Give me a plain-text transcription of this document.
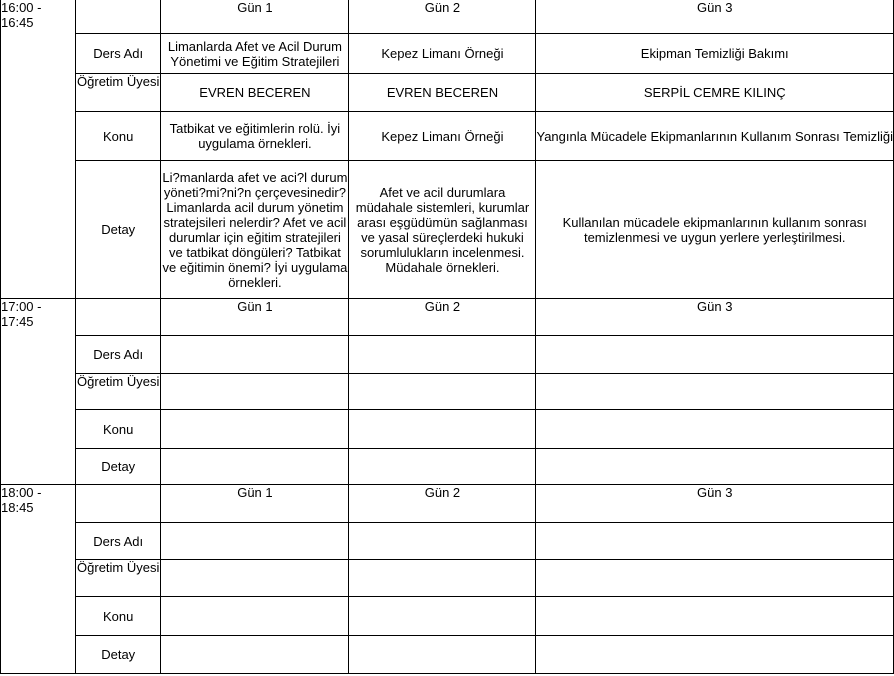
16:00 - 16:45		Gün 1	Gün 2	Gün 3
	Ders Adı	Limanlarda Afet ve Acil Durum Yönetimi ve Eğitim Stratejileri	Kepez Limanı Örneği	Ekipman Temizliği Bakımı
	Öğretim Üyesi	EVREN BECEREN	EVREN BECEREN	SERPİL CEMRE KILINÇ
	Konu	Tatbikat ve eğitimlerin rolü. İyi uygulama örnekleri.	Kepez Limanı Örneği	Yangınla Mücadele Ekipmanlarının Kullanım Sonrası Temizliği
	Detay	Li?manlarda afet ve aci?l durum yöneti?mi?ni?n çerçevesinedir? Limanlarda acil durum yönetim stratejsileri nelerdir? Afet ve acil durumlar için eğitim stratejileri ve tatbikat döngüleri? Tatbikat ve eğitimin önemi? İyi uygulama örnekleri.	Afet ve acil durumlara müdahale sistemleri, kurumlar arası eşgüdümün sağlanması ve yasal süreçlerdeki hukuki sorumlulukların incelenmesi. Müdahale örnekleri.	Kullanılan mücadele ekipmanlarının kullanım sonrası temizlenmesi ve uygun yerlere yerleştirilmesi.
17:00 - 17:45		Gün 1	Gün 2	Gün 3
	Ders Adı			
	Öğretim Üyesi			
	Konu			
	Detay			
18:00 - 18:45		Gün 1	Gün 2	Gün 3
	Ders Adı			
	Öğretim Üyesi			
	Konu			
	Detay			
